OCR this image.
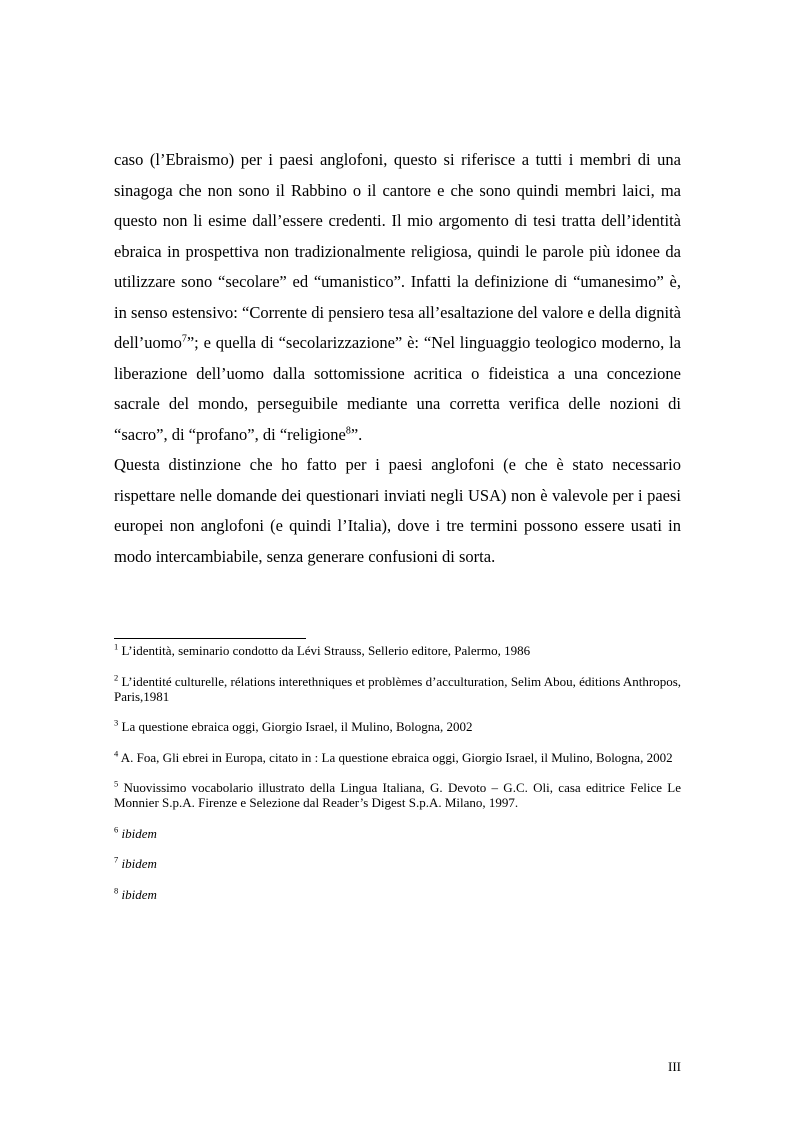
caso (l’Ebraismo) per i paesi anglofoni, questo si riferisce a tutti i membri di una sinagoga che non sono il Rabbino o il cantore e che sono quindi membri laici, ma questo non li esime dall’essere credenti. Il mio argomento di tesi tratta dell’identità ebraica in prospettiva non tradizionalmente religiosa, quindi le parole più idonee da utilizzare sono “secolare” ed “umanistico”. Infatti la definizione di “umanesimo” è, in senso estensivo: “Corrente di pensiero tesa all’esaltazione del valore e della dignità dell’uomo$^7$”; e quella di “secolarizzazione” è: “Nel linguaggio teologico moderno, la liberazione dell’uomo dalla sottomissione acritica o fideistica a una concezione sacrale del mondo, perseguibile mediante una corretta verifica delle nozioni di “sacro”, di “profano”, di “religione$^8$”.

Questa distinzione che ho fatto per i paesi anglofoni (e che è stato necessario rispettare nelle domande dei questionari inviati negli USA) non è valevole per i paesi europei non anglofoni (e quindi l’Italia), dove i tre termini possono essere usati in modo intercambiabile, senza generare confusioni di sorta.

$^1$ L’identità, seminario condotto da Lévi Strauss, Sellerio editore, Palermo, 1986

$^2$ L’identité culturelle, rélations interethniques et problèmes d’acculturation, Selim Abou, éditions Anthropos, Paris,1981

$^3$ La questione ebraica oggi, Giorgio Israel, il Mulino, Bologna, 2002

$^4$ A. Foa, Gli ebrei in Europa, citato in : La questione ebraica oggi, Giorgio Israel, il Mulino, Bologna, 2002

$^5$ Nuovissimo vocabolario illustrato della Lingua Italiana, G. Devoto – G.C. Oli, casa editrice Felice Le Monnier S.p.A. Firenze e Selezione dal Reader’s Digest S.p.A. Milano, 1997.

$^6$ ibidem

$^7$ ibidem

$^8$ ibidem

III
